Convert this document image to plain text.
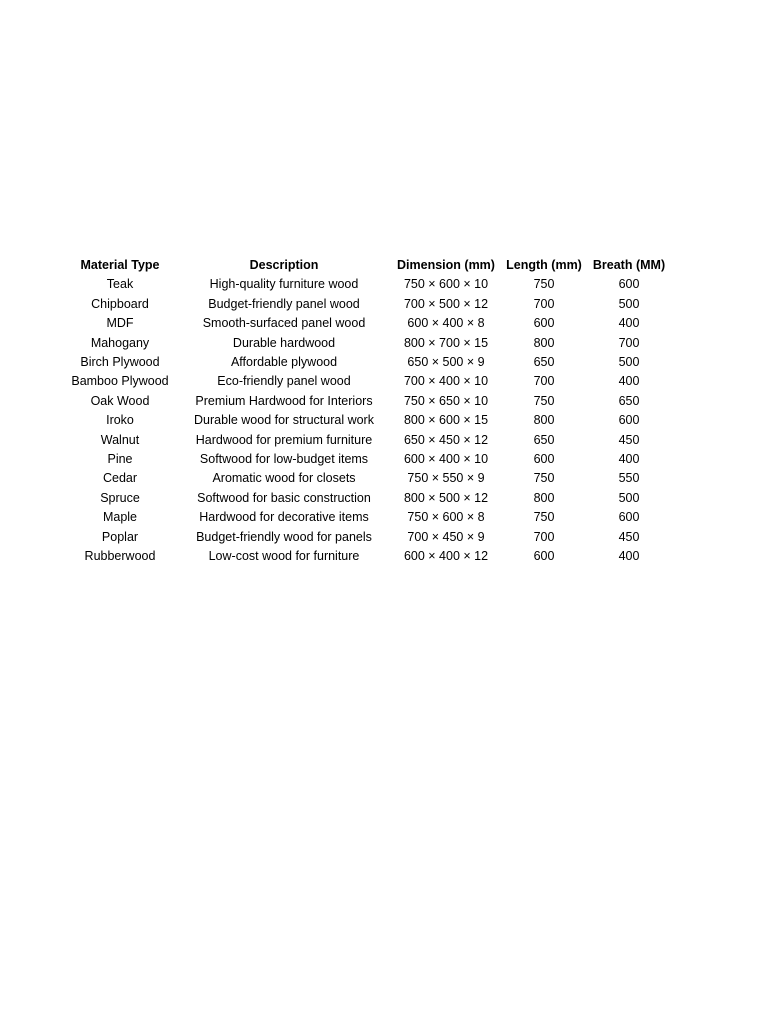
Material Type	Description	Dimension (mm)	Length (mm)	Breath (MM)
Teak	High-quality furniture wood	750 × 600 × 10	750	600
Chipboard	Budget-friendly panel wood	700 × 500 × 12	700	500
MDF	Smooth-surfaced panel wood	600 × 400 × 8	600	400
Mahogany	Durable hardwood	800 × 700 × 15	800	700
Birch Plywood	Affordable plywood	650 × 500 × 9	650	500
Bamboo Plywood	Eco-friendly panel wood	700 × 400 × 10	700	400
Oak Wood	Premium Hardwood for Interiors	750 × 650 × 10	750	650
Iroko	Durable wood for structural work	800 × 600 × 15	800	600
Walnut	Hardwood for premium furniture	650 × 450 × 12	650	450
Pine	Softwood for low-budget items	600 × 400 × 10	600	400
Cedar	Aromatic wood for closets	750 × 550 × 9	750	550
Spruce	Softwood for basic construction	800 × 500 × 12	800	500
Maple	Hardwood for decorative items	750 × 600 × 8	750	600
Poplar	Budget-friendly wood for panels	700 × 450 × 9	700	450
Rubberwood	Low-cost wood for furniture	600 × 400 × 12	600	400
